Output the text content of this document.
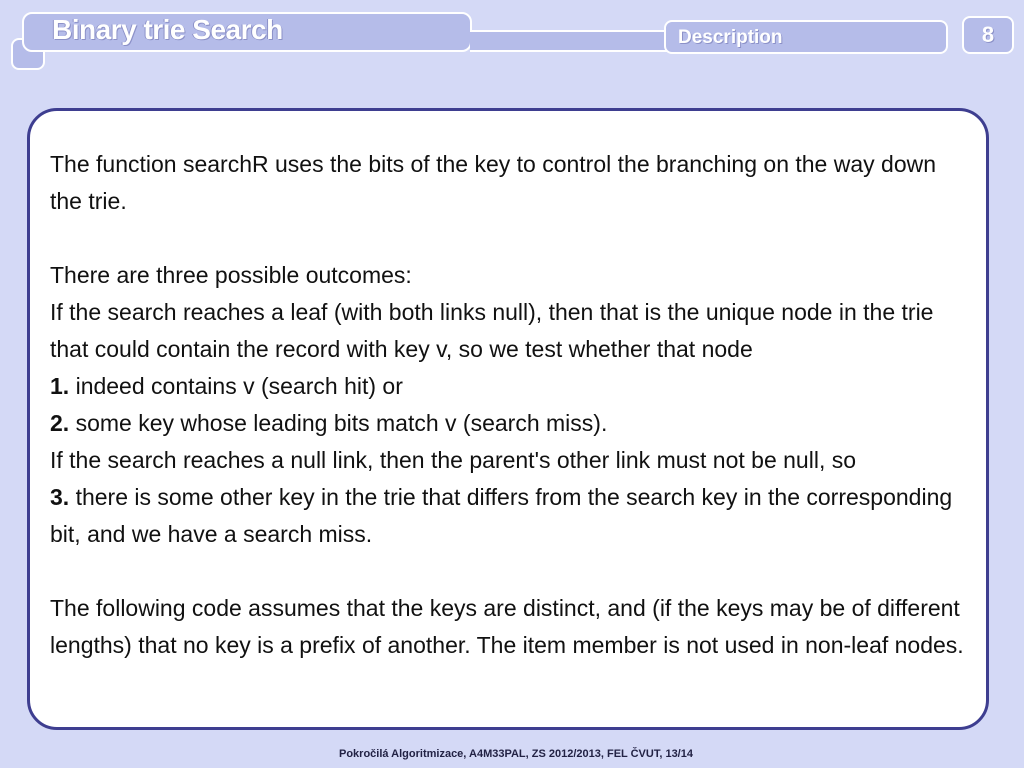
Binary trie Search	Description	8

The function searchR uses the bits of the key to control the branching on the way down the trie.

There are three possible outcomes:

If the search reaches a leaf (with both links null), then that is the unique node in the trie that could contain the record with key v, so we test whether that node

1. indeed contains v (search hit) or

2. some key whose leading bits match v (search miss).

If the search reaches a null link, then the parent's other link must not be null, so

3. there is some other key in the trie that differs from the search key in the corresponding bit, and we have a search miss.

The following code assumes that the keys are distinct, and (if the keys may be of different lengths) that no key is a prefix of another. The item member is not used in non-leaf nodes.

Pokročilá Algoritmizace, A4M33PAL, ZS 2012/2013, FEL ČVUT, 13/14
